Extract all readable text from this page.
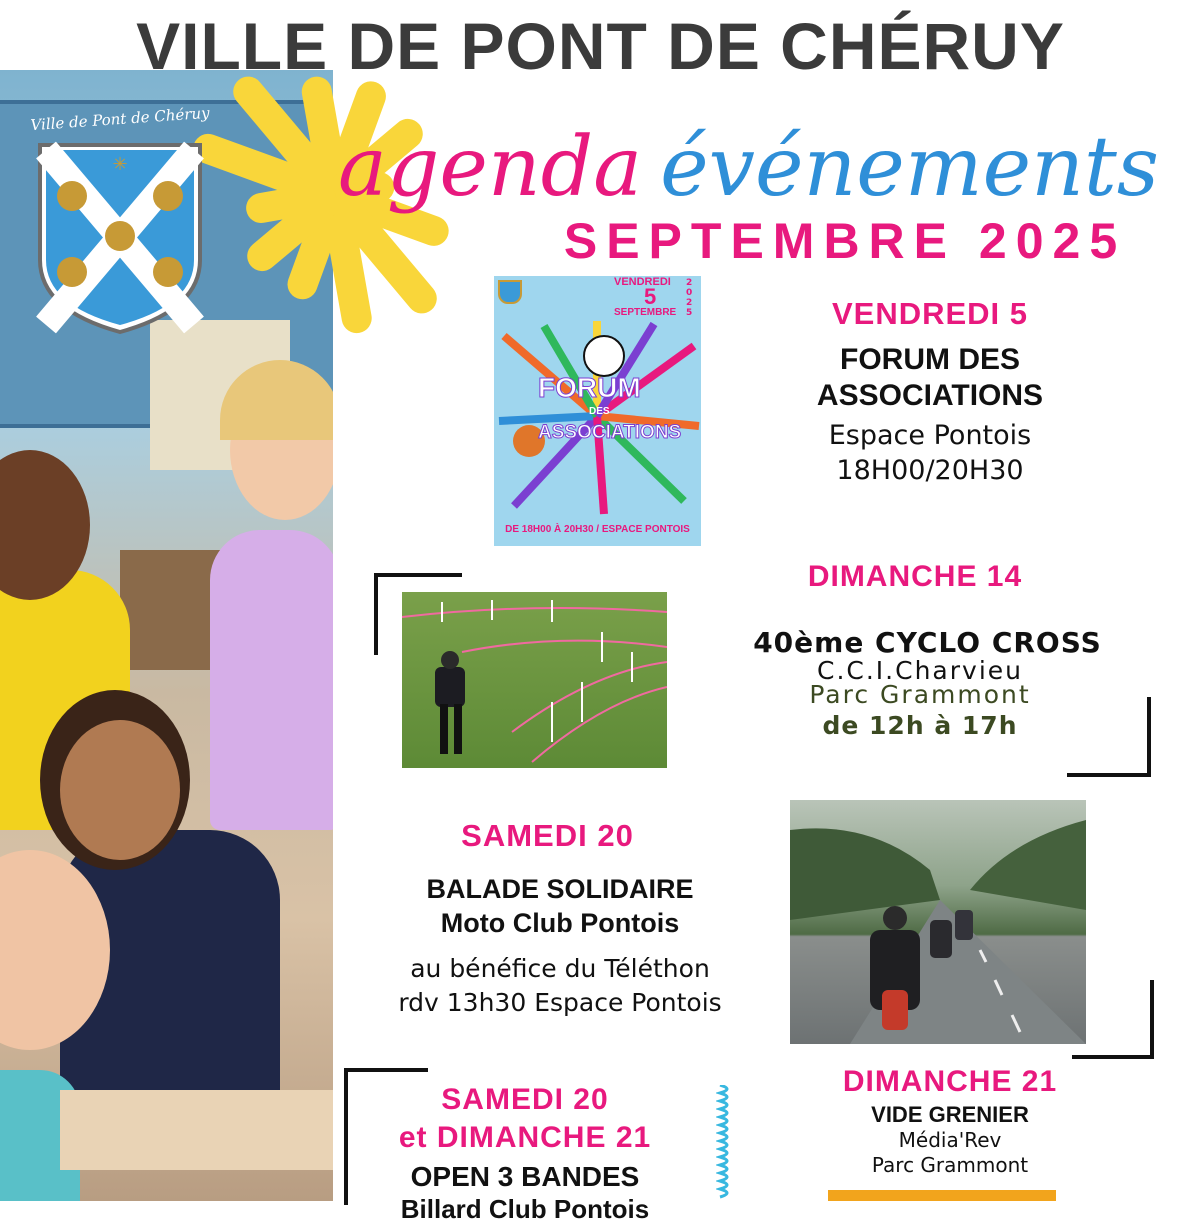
✳
Ville de Pont de Chéruy
VILLE DE PONT DE CHÉRUY
agenda événements
SEPTEMBRE 2025
VENDREDI
5
SEPTEMBRE
2025
FORUM
DES
ASSOCIATIONS
DE 18H00 À 20H30 / ESPACE PONTOIS
VENDREDI 5
FORUM DES
ASSOCIATIONS
Espace Pontois
18H00/20H30
DIMANCHE 14
40ème CYCLO CROSS
C.C.I.Charvieu
Parc Grammont
de 12h à 17h
SAMEDI 20
BALADE SOLIDAIRE
Moto Club Pontois
au bénéfice du Téléthon
rdv 13h30 Espace Pontois
DIMANCHE 21
VIDE GRENIER
Média'Rev
Parc Grammont
SAMEDI 20
et DIMANCHE 21
OPEN 3 BANDES
Billard Club Pontois
